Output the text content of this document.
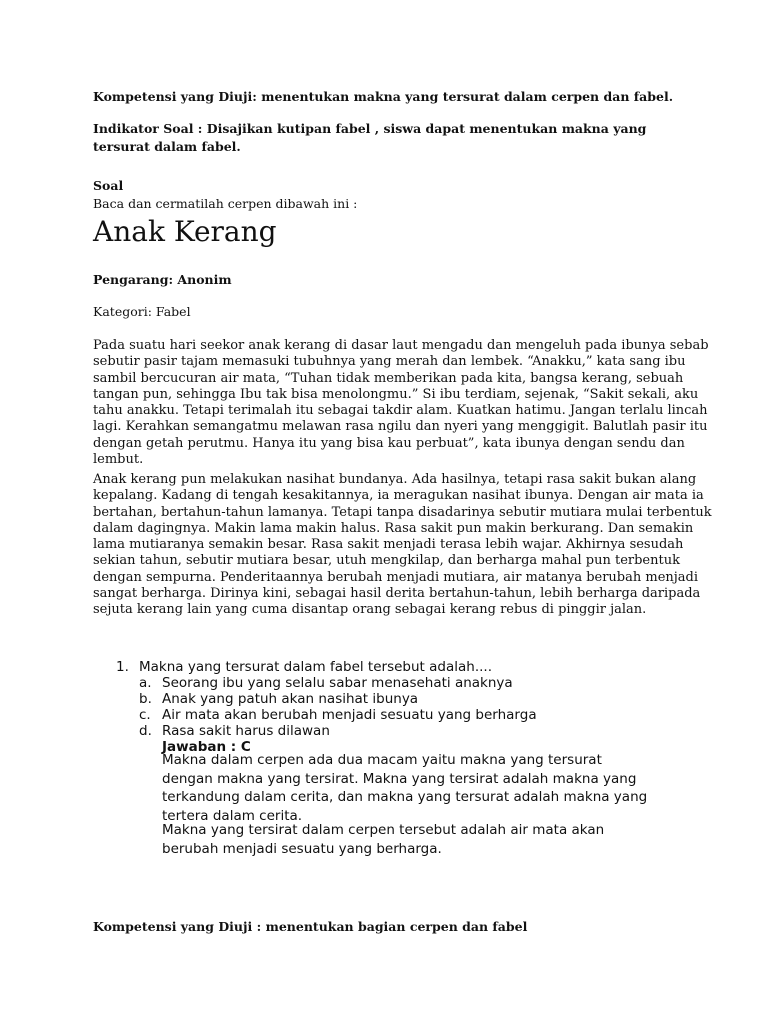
Kompetensi yang Diuji: menentukan makna yang tersurat dalam cerpen dan fabel.
Indikator Soal : Disajikan kutipan fabel , siswa dapat menentukan makna yang
tersurat dalam fabel.
Soal
Baca dan cermatilah cerpen dibawah ini :
Anak Kerang
Pengarang: Anonim
Kategori: Fabel
Pada suatu hari seekor anak kerang di dasar laut mengadu dan mengeluh pada ibunya sebab
sebutir pasir tajam memasuki tubuhnya yang merah dan lembek. “Anakku,” kata sang ibu
sambil bercucuran air mata, “Tuhan tidak memberikan pada kita, bangsa kerang, sebuah
tangan pun, sehingga Ibu tak bisa menolongmu.” Si ibu terdiam, sejenak, “Sakit sekali, aku
tahu anakku. Tetapi terimalah itu sebagai takdir alam. Kuatkan hatimu. Jangan terlalu lincah
lagi. Kerahkan semangatmu melawan rasa ngilu dan nyeri yang menggigit. Balutlah pasir itu
dengan getah perutmu. Hanya itu yang bisa kau perbuat”, kata ibunya dengan sendu dan
lembut.
Anak kerang pun melakukan nasihat bundanya. Ada hasilnya, tetapi rasa sakit bukan alang
kepalang. Kadang di tengah kesakitannya, ia meragukan nasihat ibunya. Dengan air mata ia
bertahan, bertahun-tahun lamanya. Tetapi tanpa disadarinya sebutir mutiara mulai terbentuk
dalam dagingnya. Makin lama makin halus. Rasa sakit pun makin berkurang. Dan semakin
lama mutiaranya semakin besar. Rasa sakit menjadi terasa lebih wajar. Akhirnya sesudah
sekian tahun, sebutir mutiara besar, utuh mengkilap, dan berharga mahal pun terbentuk
dengan sempurna. Penderitaannya berubah menjadi mutiara, air matanya berubah menjadi
sangat berharga. Dirinya kini, sebagai hasil derita bertahun-tahun, lebih berharga daripada
sejuta kerang lain yang cuma disantap orang sebagai kerang rebus di pinggir jalan.
1. Makna yang tersurat dalam fabel tersebut adalah....
a. Seorang ibu yang selalu sabar menasehati anaknya
b. Anak yang patuh akan nasihat ibunya
c. Air mata akan berubah menjadi sesuatu yang berharga
d. Rasa sakit harus dilawan
Jawaban : C
Makna dalam cerpen ada dua macam yaitu makna yang tersurat
dengan makna yang tersirat. Makna yang tersirat adalah makna yang
terkandung dalam cerita, dan makna yang tersurat adalah makna yang
tertera dalam cerita.
Makna yang tersirat dalam cerpen tersebut adalah air mata akan
berubah menjadi sesuatu yang berharga.
Kompetensi yang Diuji : menentukan bagian cerpen dan fabel
